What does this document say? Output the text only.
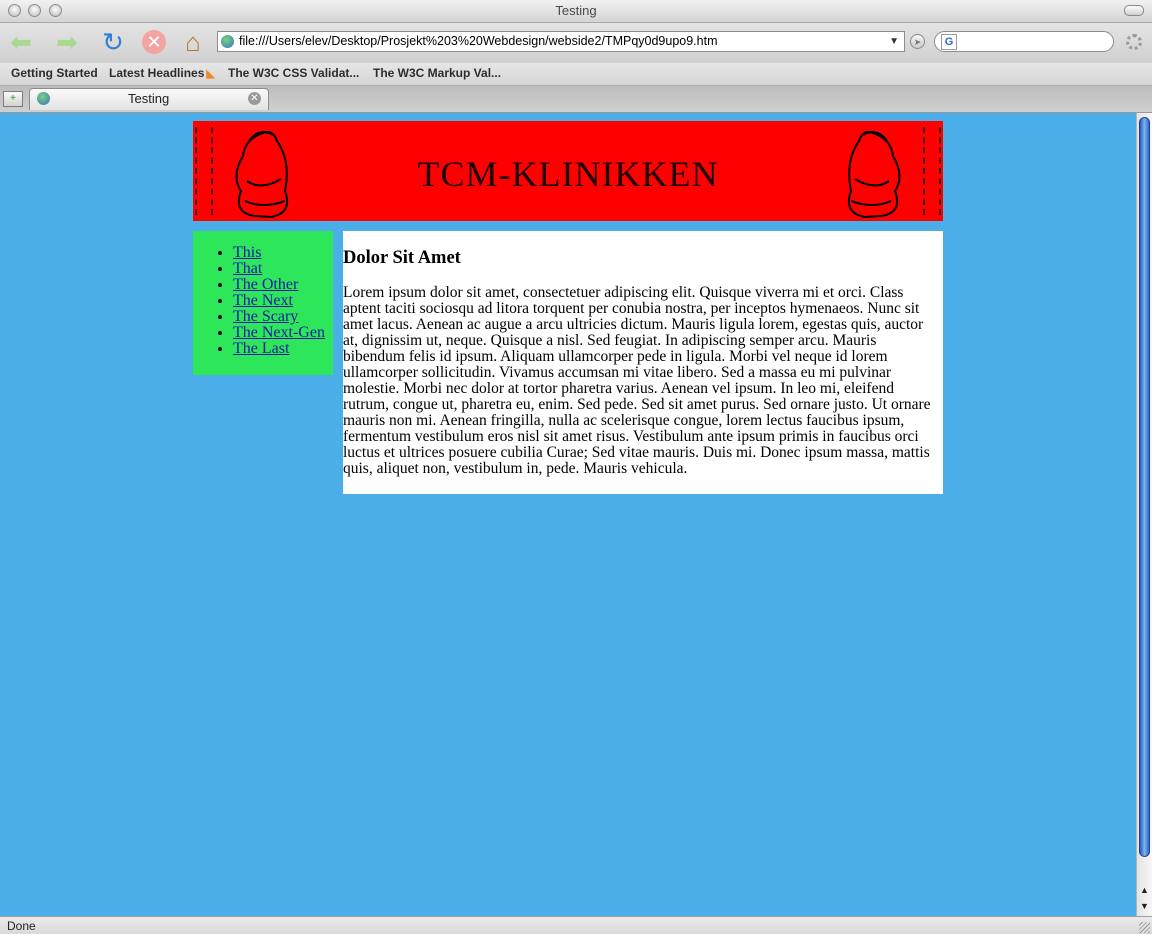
Testing
⬅ ➡ ↻ ✕ ⌂	file:///Users/elev/Desktop/Prosjekt%203%20Webdesign/webside2/TMPqy0d9upo9.htm	▼	➤	G
Getting Started Latest Headlines ◣ The W3C CSS Validat... The W3C Markup Val...
+	Testing	✕
TCM-KLINIKKEN
• This
• That
• The Other
• The Next
• The Scary
• The Next-Gen
• The Last
Dolor Sit Amet

Lorem ipsum dolor sit amet, consectetuer adipiscing elit. Quisque viverra mi et orci. Class aptent taciti sociosqu ad litora torquent per conubia nostra, per inceptos hymenaeos. Nunc sit amet lacus. Aenean ac augue a arcu ultricies dictum. Mauris ligula lorem, egestas quis, auctor at, dignissim ut, neque. Quisque a nisl. Sed feugiat. In adipiscing semper arcu. Mauris bibendum felis id ipsum. Aliquam ullamcorper pede in ligula. Morbi vel neque id lorem ullamcorper sollicitudin. Vivamus accumsan mi vitae libero. Sed a massa eu mi pulvinar molestie. Morbi nec dolor at tortor pharetra varius. Aenean vel ipsum. In leo mi, eleifend rutrum, congue ut, pharetra eu, enim. Sed pede. Sed sit amet purus. Sed ornare justo. Ut ornare mauris non mi. Aenean fringilla, nulla ac scelerisque congue, lorem lectus faucibus ipsum, fermentum vestibulum eros nisl sit amet risus. Vestibulum ante ipsum primis in faucibus orci luctus et ultrices posuere cubilia Curae; Sed vitae mauris. Duis mi. Donec ipsum massa, mattis quis, aliquet non, vestibulum in, pede. Mauris vehicula.

▲
▼
Done
